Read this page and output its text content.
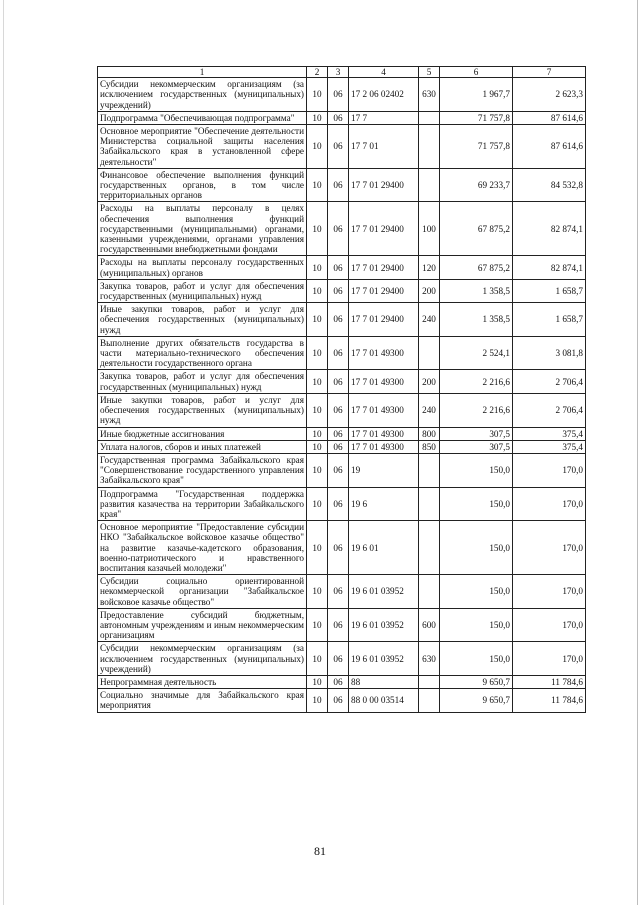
1	2	3	4	5	6	7
Субсидии некоммерческим организациям (за исключением государственных (муниципальных) учреждений)	10	06	17 2 06 02402	630	1 967,7	2 623,3
Подпрограмма "Обеспечивающая подпрограмма"	10	06	17 7		71 757,8	87 614,6
Основное мероприятие "Обеспечение деятельности Министерства социальной защиты населения Забайкальского края в установленной сфере деятельности"	10	06	17 7 01		71 757,8	87 614,6
Финансовое обеспечение выполнения функций государственных органов, в том числе территориальных органов	10	06	17 7 01 29400		69 233,7	84 532,8
Расходы на выплаты персоналу в целях обеспечения выполнения функций государственными (муниципальными) органами, казенными учреждениями, органами управления государственными внебюджетными фондами	10	06	17 7 01 29400	100	67 875,2	82 874,1
Расходы на выплаты персоналу государственных (муниципальных) органов	10	06	17 7 01 29400	120	67 875,2	82 874,1
Закупка товаров, работ и услуг для обеспечения государственных (муниципальных) нужд	10	06	17 7 01 29400	200	1 358,5	1 658,7
Иные закупки товаров, работ и услуг для обеспечения государственных (муниципальных) нужд	10	06	17 7 01 29400	240	1 358,5	1 658,7
Выполнение других обязательств государства в части материально-технического обеспечения деятельности государственного органа	10	06	17 7 01 49300		2 524,1	3 081,8
Закупка товаров, работ и услуг для обеспечения государственных (муниципальных) нужд	10	06	17 7 01 49300	200	2 216,6	2 706,4
Иные закупки товаров, работ и услуг для обеспечения государственных (муниципальных) нужд	10	06	17 7 01 49300	240	2 216,6	2 706,4
Иные бюджетные ассигнования	10	06	17 7 01 49300	800	307,5	375,4
Уплата налогов, сборов и иных платежей	10	06	17 7 01 49300	850	307,5	375,4
Государственная программа Забайкальского края "Совершенствование государственного управления Забайкальского края"	10	06	19		150,0	170,0
Подпрограмма "Государственная поддержка развития казачества на территории Забайкальского края"	10	06	19 6		150,0	170,0
Основное мероприятие "Предоставление субсидии НКО "Забайкальское войсковое казачье общество" на развитие казачье-кадетского образования, военно-патриотического и нравственного воспитания казачьей молодежи"	10	06	19 6 01		150,0	170,0
Субсидии социально ориентированной некоммерческой организации "Забайкальское войсковое казачье общество"	10	06	19 6 01 03952		150,0	170,0
Предоставление субсидий бюджетным, автономным учреждениям и иным некоммерческим организациям	10	06	19 6 01 03952	600	150,0	170,0
Субсидии некоммерческим организациям (за исключением государственных (муниципальных) учреждений)	10	06	19 6 01 03952	630	150,0	170,0
Непрограммная деятельность	10	06	88		9 650,7	11 784,6
Социально значимые для Забайкальского края мероприятия	10	06	88 0 00 03514		9 650,7	11 784,6
81
